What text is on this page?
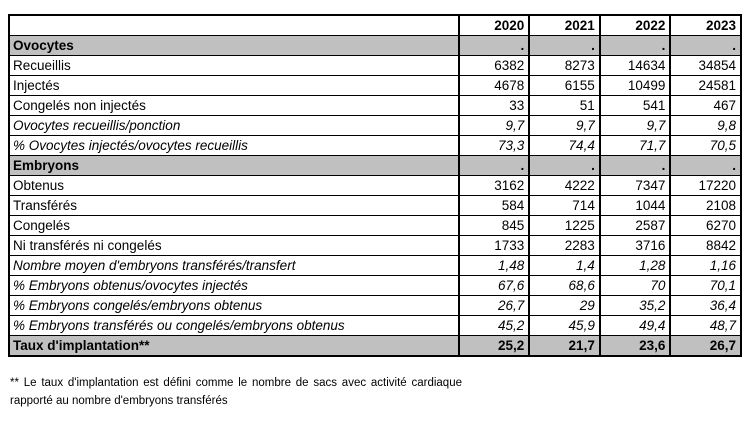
	2020	2021	2022	2023
Ovocytes	.	.	.	.
Recueillis	6382	8273	14634	34854
Injectés	4678	6155	10499	24581
Congelés non injectés	33	51	541	467
Ovocytes recueillis/ponction	9,7	9,7	9,7	9,8
% Ovocytes injectés/ovocytes recueillis	73,3	74,4	71,7	70,5
Embryons	.	.	.	.
Obtenus	3162	4222	7347	17220
Transférés	584	714	1044	2108
Congelés	845	1225	2587	6270
Ni transférés ni congelés	1733	2283	3716	8842
Nombre moyen d'embryons transférés/transfert	1,48	1,4	1,28	1,16
% Embryons obtenus/ovocytes injectés	67,6	68,6	70	70,1
% Embryons congelés/embryons obtenus	26,7	29	35,2	36,4
% Embryons transférés ou congelés/embryons obtenus	45,2	45,9	49,4	48,7
Taux d'implantation**	25,2	21,7	23,6	26,7
** Le taux d'implantation est défini comme le nombre de sacs avec activité cardiaque
rapporté au nombre d'embryons transférés
